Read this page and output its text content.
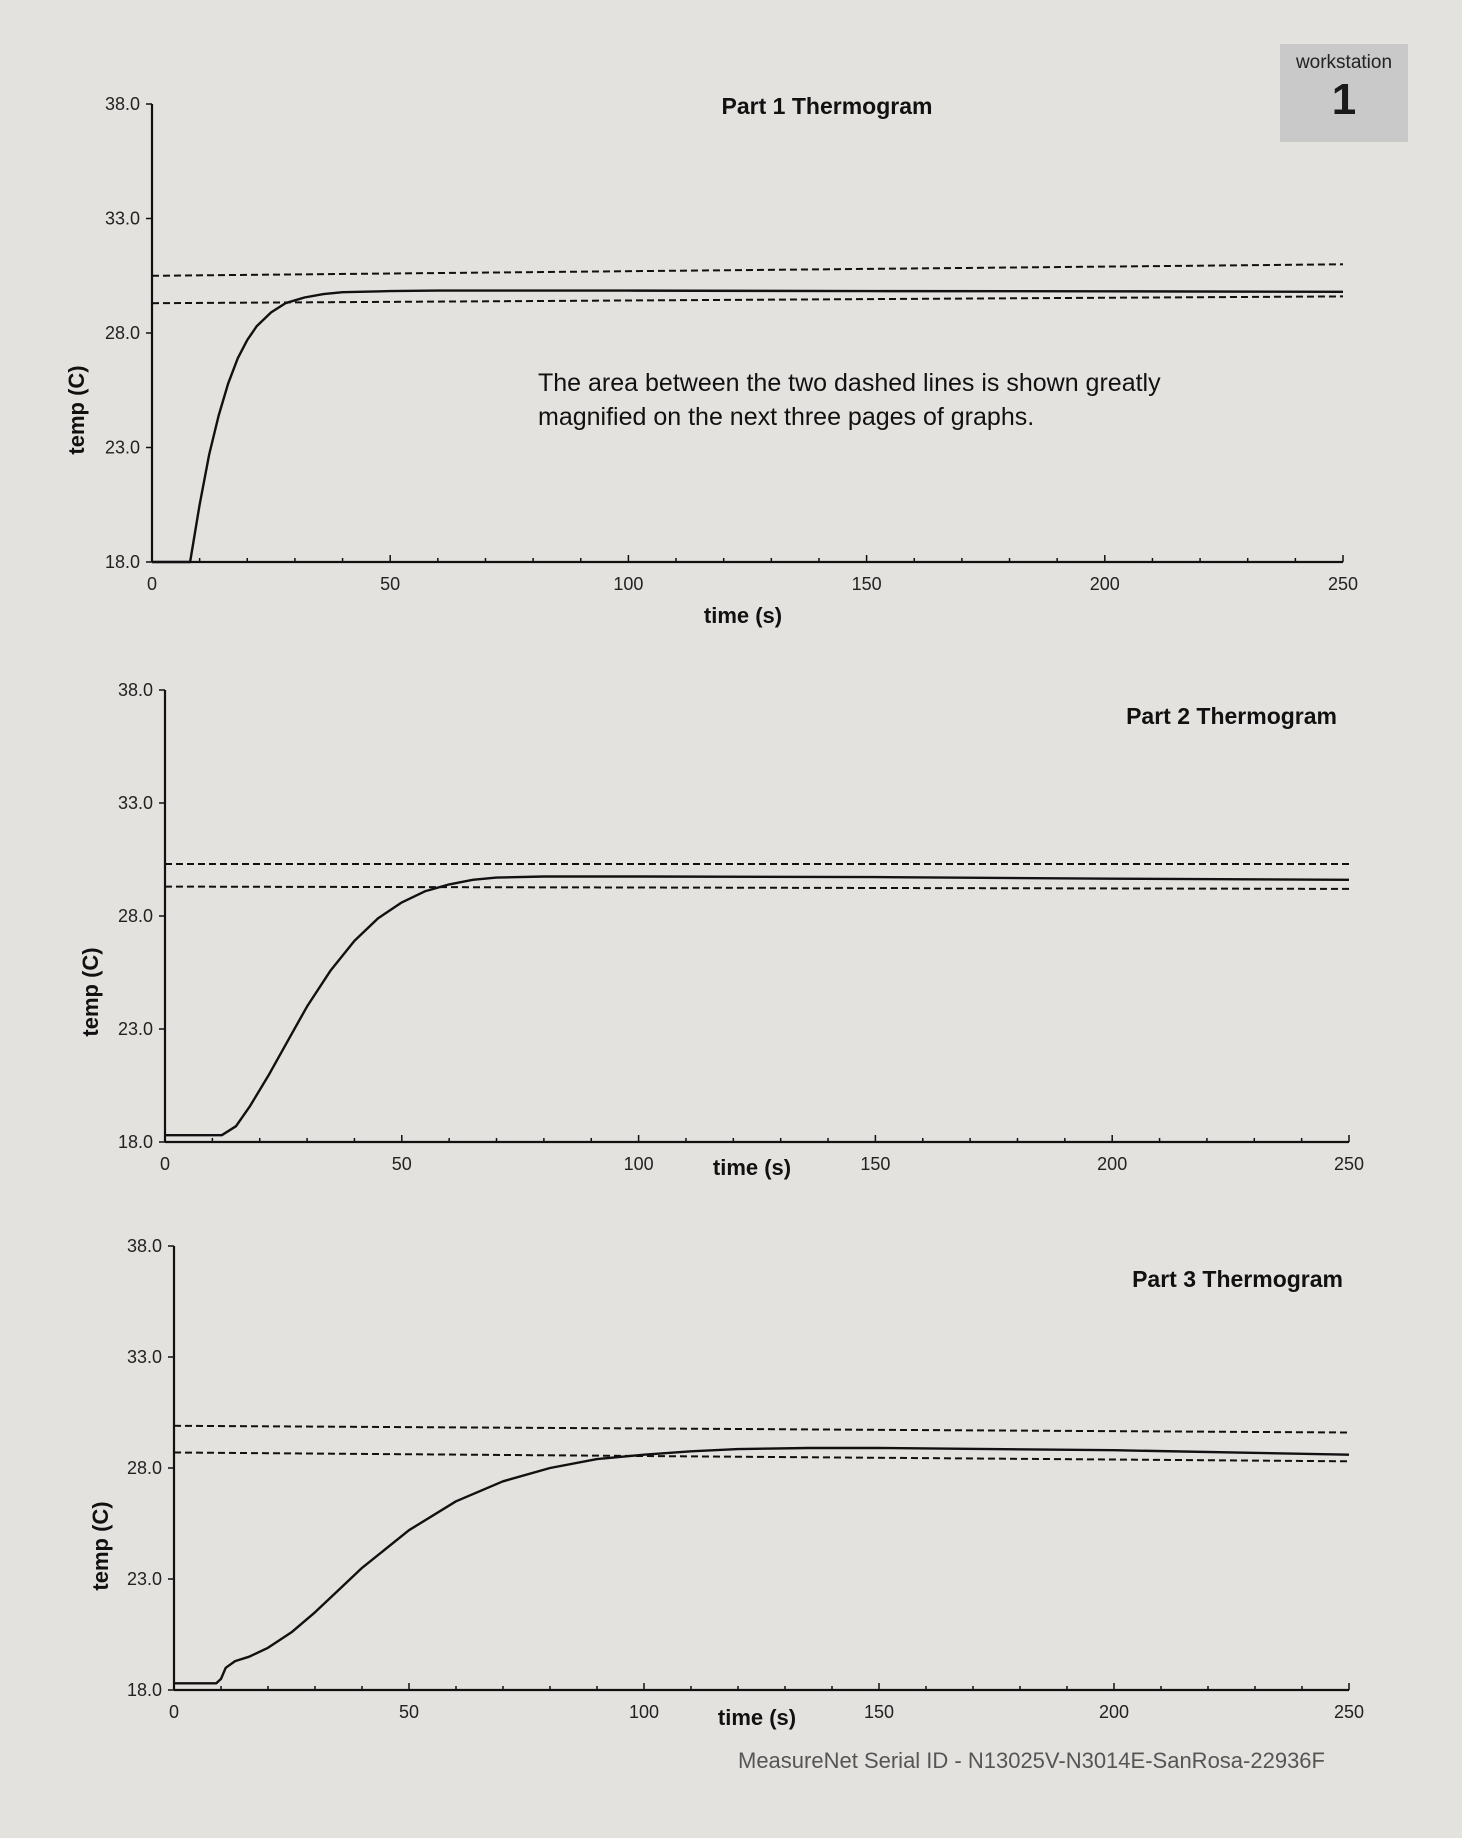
workstation
1
The area between the two dashed lines is shown greatly
magnified on the next three pages of graphs.
18.0
23.0
28.0
33.0
38.0
0	50	100	150	200	250
time (s)
temp (C)
Part 1 Thermogram
18.0
23.0
28.0
33.0
38.0
0	50	100	150	200	250
time (s)
temp (C)
Part 2 Thermogram
18.0
23.0
28.0
33.0
38.0
0	50	100	150	200	250
time (s)
temp (C)
Part 3 Thermogram
MeasureNet Serial ID - N13025V-N3014E-SanRosa-22936F
